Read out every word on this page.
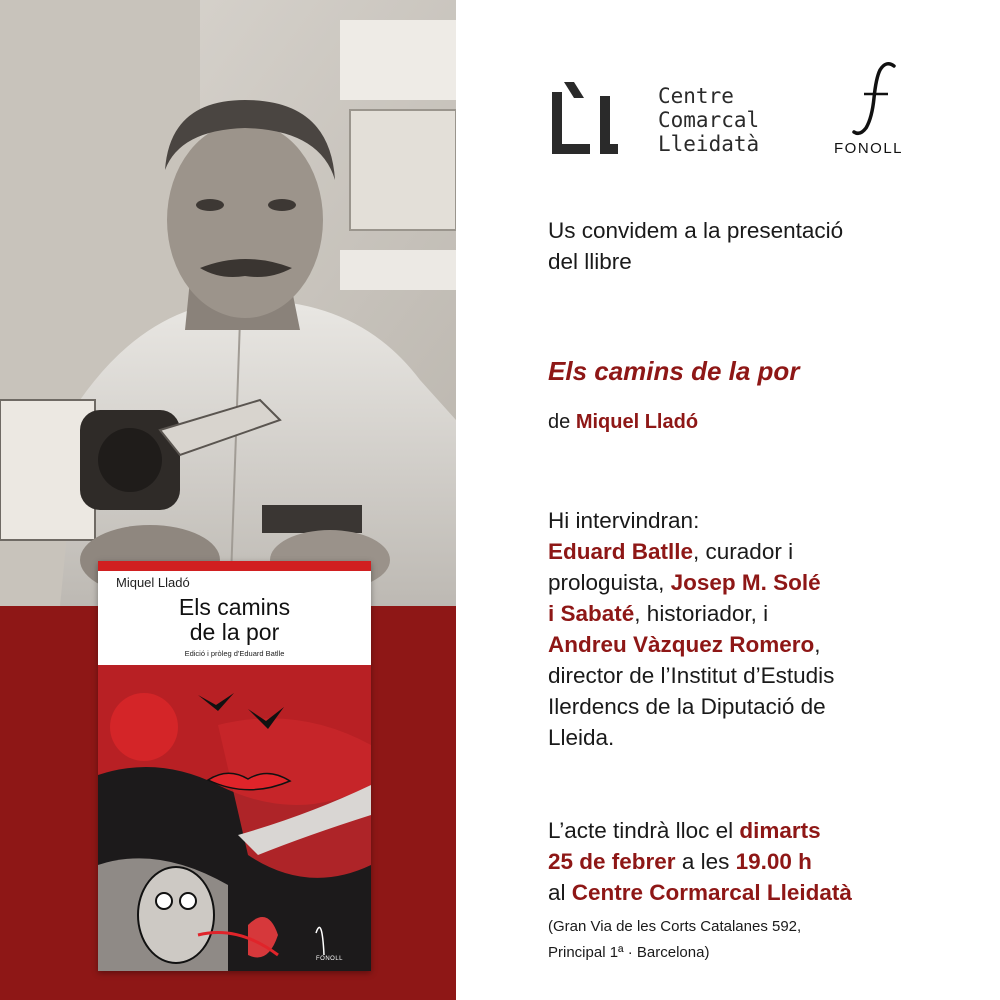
Miquel Lladó
Els camins
de la por
Edició i pròleg d'Eduard Batlle
FONOLL
Centre
Comarcal
Lleidatà	FONOLL
Us convidem a la presentació
del llibre
Els camins de la por
de Miquel Lladó
Hi intervindran:
Eduard Batlle, curador i
prologuista, Josep M. Solé
i Sabaté, historiador, i
Andreu Vàzquez Romero,
director de l’Institut d’Estudis
Ilerdencs de la Diputació de
Lleida.
L’acte tindrà lloc el dimarts
25 de febrer a les 19.00 h
al Centre Cormarcal Lleidatà
(Gran Via de les Corts Catalanes 592,
Principal 1ª · Barcelona)
